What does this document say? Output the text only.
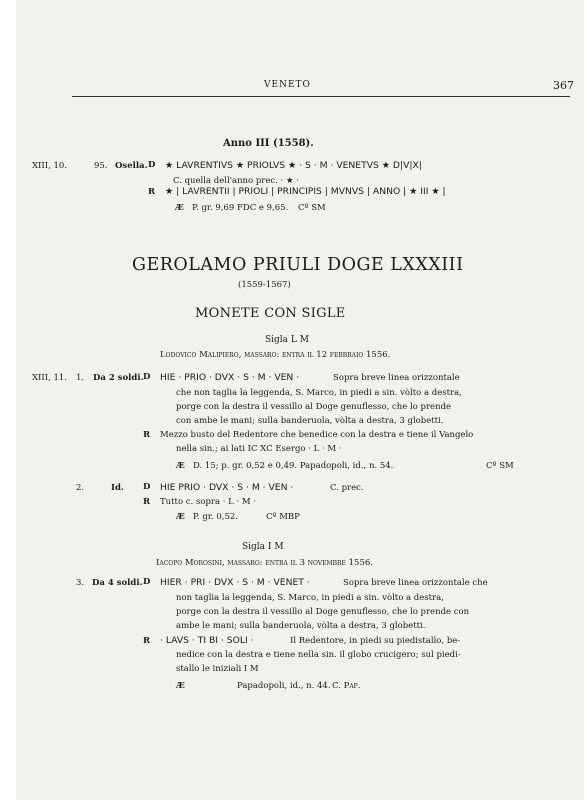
VENETO	367
Anno III (1558).
XIII, 10.	95. Osella. D ★ LAVRENTIVS ★ PRIOLVS ★ · S · M · VENETVS ★ D|V|X|
C. quella dell'anno prec. · ★ ·
R ★ | LAVRENTII | PRIOLI | PRINCIPIS | MVNVS | ANNO | ★ III ★ |
Æ P. gr. 9,69 FDC e 9,65. Cº SM
GEROLAMO PRIULI DOGE LXXXIII
(1559-1567)
MONETE CON SIGLE
Sigla L M
Lodovico Malipiero, massaro: entra il 12 febbraio 1556.
XIII, 11. 1. Da 2 soldi. D HIE · PRIO · DVX · S · M · VEN ·	Sopra breve linea orizzontale
che non taglia la leggenda, S. Marco, in piedi a sin. vòlto a destra,
porge con la destra il vessillo al Doge genuflesso, che lo prende
con ambe le mani; sulla banderuola, vòlta a destra, 3 globetti.
R Mezzo busto del Redentore che benedice con la destra e tiene il Vangelo
nella sin.; ai lati IC XC Esergo · L · M ·
Æ D. 15; p. gr. 0,52 e 0,49. Papadopoli, id., n. 54.	Cº SM
2.	Id. D HIE PRIO · DVX · S · M · VEN ·	C. prec.
R Tutto c. sopra · L · M ·
Æ P. gr. 0,52.	Cº MBP
Sigla I M
Iacopo Morosini, massaro: entra il 3 novembre 1556.
3. Da 4 soldi. D HIER · PRI · DVX · S · M · VENET ·	Sopra breve linea orizzontale che
non taglia la leggenda, S. Marco, in piedi a sin. vòlto a destra,
porge con la destra il vessillo al Doge genuflesso, che lo prende con
ambe le mani; sulla banderuola, vòlta a destra, 3 globetti.
R · LAVS · TI BI · SOLI ·	Il Redentore, in piedi su piedistallo, be-
nedice con la destra e tiene nella sin. il globo crucigero; sul piedi-
stallo le iniziali I M
Æ	Papadopoli, id., n. 44. C. Pap.
